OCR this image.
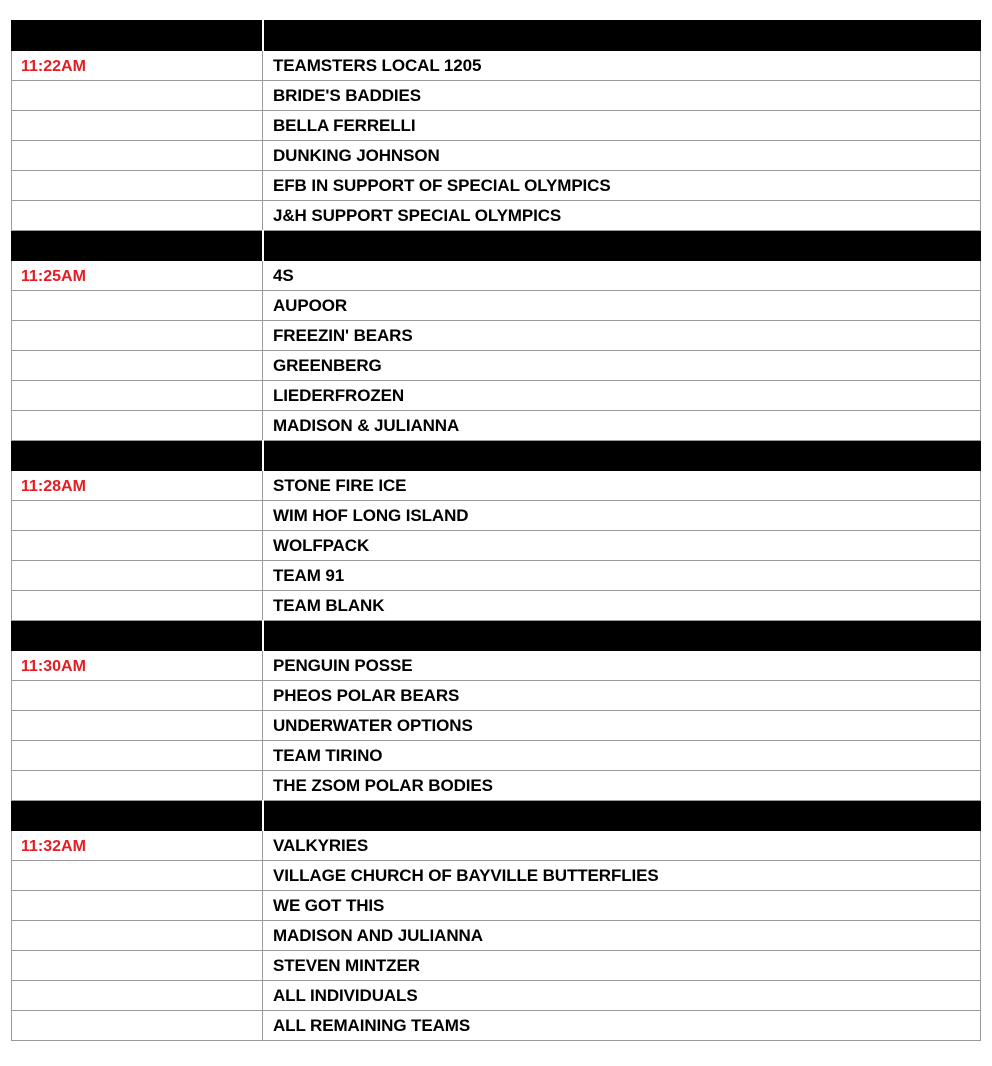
11:22AM	TEAMSTERS LOCAL 1205
	BRIDE'S BADDIES
	BELLA FERRELLI
	DUNKING JOHNSON
	EFB IN SUPPORT OF SPECIAL OLYMPICS
	J&H SUPPORT SPECIAL OLYMPICS

11:25AM	4S
	AUPOOR
	FREEZIN' BEARS
	GREENBERG
	LIEDERFROZEN
	MADISON & JULIANNA

11:28AM	STONE FIRE ICE
	WIM HOF LONG ISLAND
	WOLFPACK
	TEAM 91
	TEAM BLANK

11:30AM	PENGUIN POSSE
	PHEOS POLAR BEARS
	UNDERWATER OPTIONS
	TEAM TIRINO
	THE ZSOM POLAR BODIES

11:32AM	VALKYRIES
	VILLAGE CHURCH OF BAYVILLE BUTTERFLIES
	WE GOT THIS
	MADISON AND JULIANNA
	STEVEN MINTZER
	ALL INDIVIDUALS
	ALL REMAINING TEAMS
